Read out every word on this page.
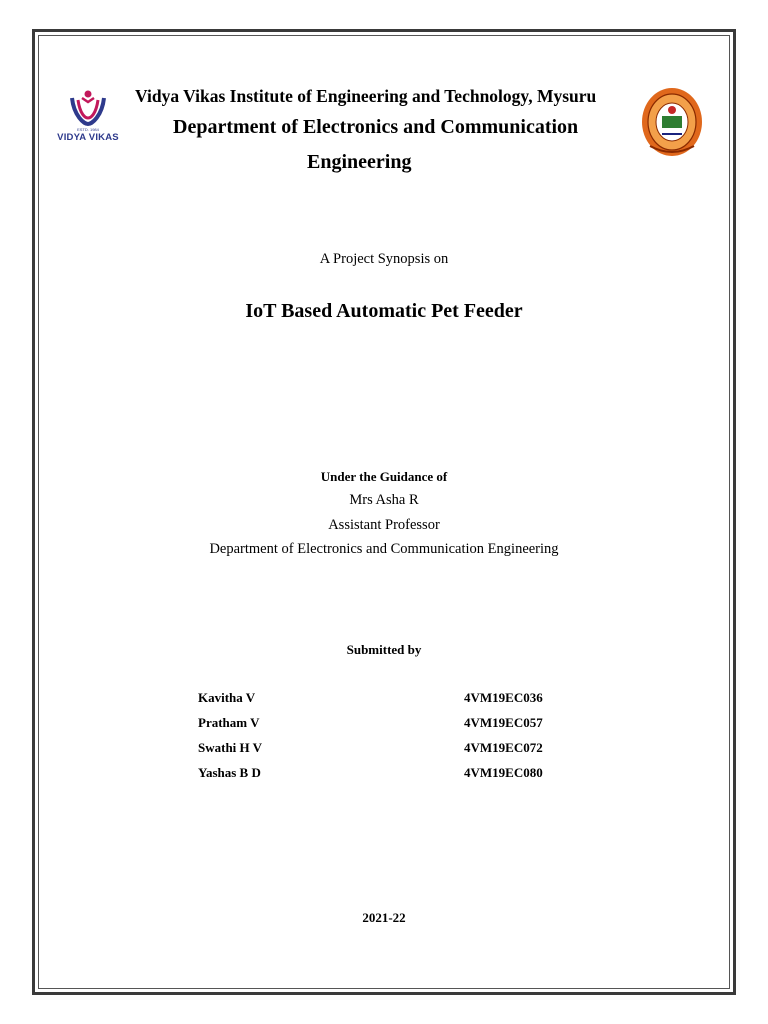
ESTD. 1984
VIDYA VIKAS
Vidya Vikas Institute of Engineering and Technology, Mysuru
Department of Electronics and Communication
Engineering
A Project Synopsis on
IoT Based Automatic Pet Feeder
Under the Guidance of
Mrs Asha R
Assistant Professor
Department of Electronics and Communication Engineering
Submitted by
Kavitha V	4VM19EC036
Pratham V	4VM19EC057
Swathi H V	4VM19EC072
Yashas B D	4VM19EC080
2021-22
